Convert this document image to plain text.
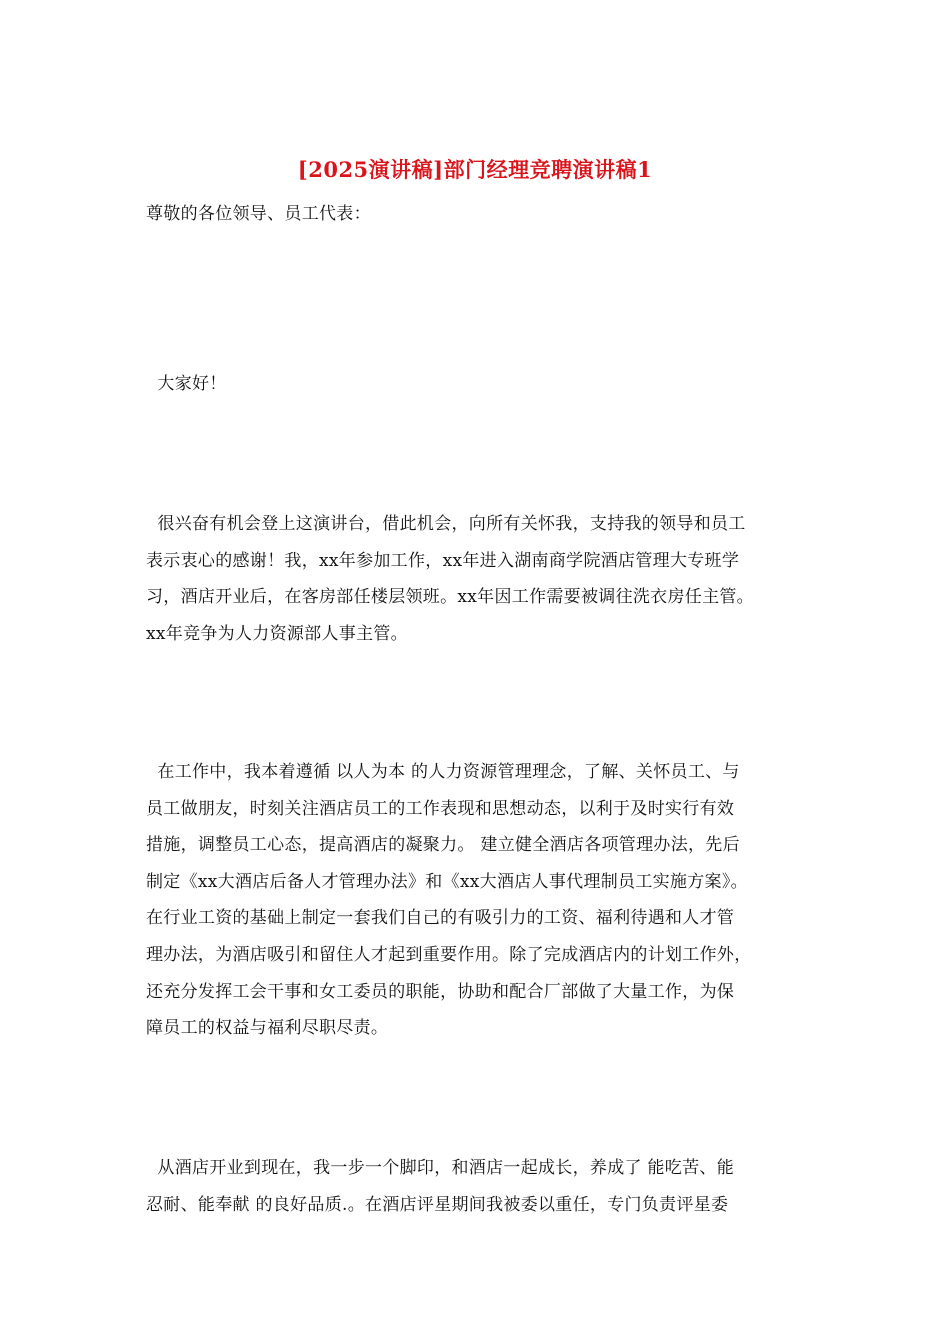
[2025演讲稿]部门经理竞聘演讲稿1
尊敬的各位领导、员工代表：
大家好！
很兴奋有机会登上这演讲台，借此机会，向所有关怀我，支持我的领导和员工
表示衷心的感谢！我，xx年参加工作，xx年进入湖南商学院酒店管理大专班学
习，酒店开业后，在客房部任楼层领班。xx年因工作需要被调往洗衣房任主管。
xx年竞争为人力资源部人事主管。
在工作中，我本着遵循 以人为本 的人力资源管理理念，了解、关怀员工、与
员工做朋友，时刻关注酒店员工的工作表现和思想动态，以利于及时实行有效
措施，调整员工心态，提高酒店的凝聚力。 建立健全酒店各项管理办法，先后
制定《xx大酒店后备人才管理办法》和《xx大酒店人事代理制员工实施方案》。
在行业工资的基础上制定一套我们自己的有吸引力的工资、福利待遇和人才管
理办法，为酒店吸引和留住人才起到重要作用。除了完成酒店内的计划工作外，
还充分发挥工会干事和女工委员的职能，协助和配合厂部做了大量工作，为保
障员工的权益与福利尽职尽责。
从酒店开业到现在，我一步一个脚印，和酒店一起成长，养成了 能吃苦、能
忍耐、能奉献 的良好品质.。在酒店评星期间我被委以重任，专门负责评星委
